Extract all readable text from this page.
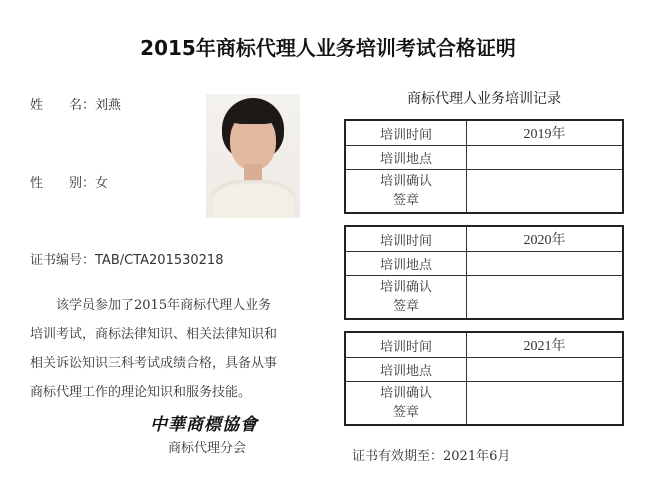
2015年商标代理人业务培训考试合格证明
姓　　名：刘燕
性　　别：女
证书编号：TAB/CTA201530218
该学员参加了2015年商标代理人业务
培训考试，商标法律知识、相关法律知识和
相关诉讼知识三科考试成绩合格，具备从事
商标代理工作的理论知识和服务技能。
中華商標協會
商标代理分会
商标代理人业务培训记录
培训时间	2019年
培训地点	

培训确认
签章	

培训时间	2020年
培训地点	

培训确认
签章	

培训时间	2021年
培训地点	

培训确认
签章	

证书有效期至：2021年6月
